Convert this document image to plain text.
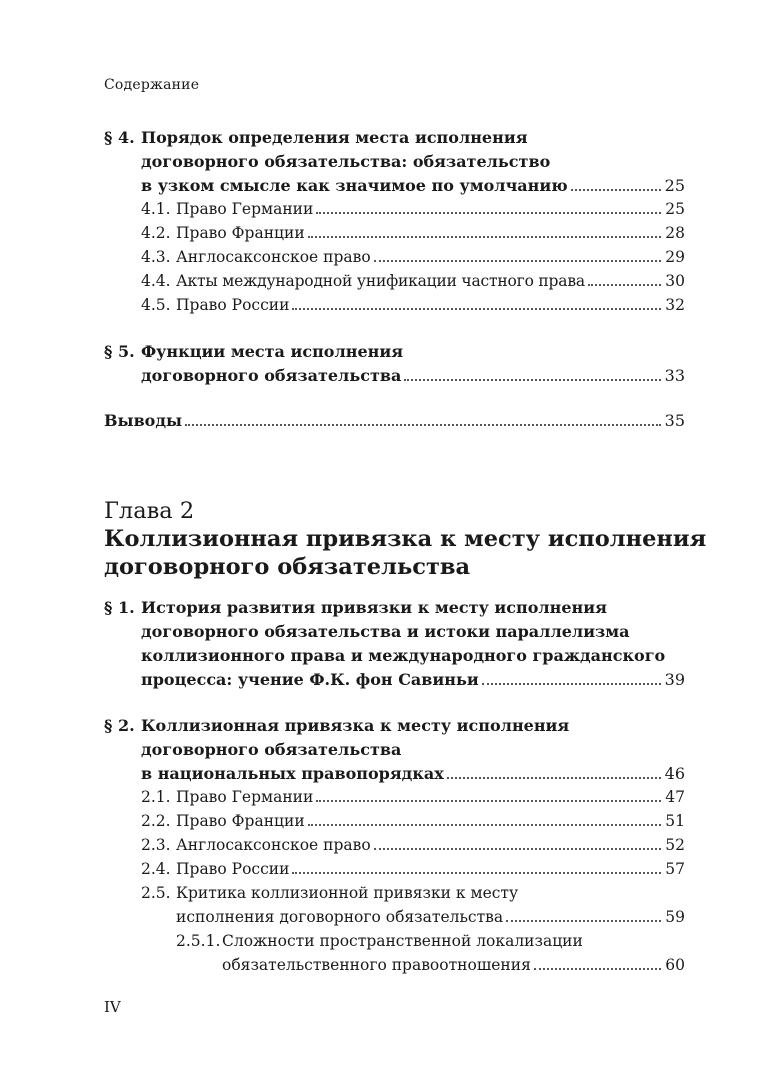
Содержание
§ 4. Порядок определения места исполнения
договорного обязательства: обязательство
в узком смысле как значимое по умолчанию	25
4.1. Право Германии	25
4.2. Право Франции	28
4.3. Англосаксонское право	29
4.4. Акты международной унификации частного права	30
4.5. Право России	32
§ 5. Функции места исполнения
договорного обязательства	33
Выводы	35
Глава 2
Коллизионная привязка к месту исполнения
договорного обязательства
§ 1. История развития привязки к месту исполнения
договорного обязательства и истоки параллелизма
коллизионного права и международного гражданского
процесса: учение Ф.К. фон Савиньи	39
§ 2. Коллизионная привязка к месту исполнения
договорного обязательства
в национальных правопорядках	46
2.1. Право Германии	47
2.2. Право Франции	51
2.3. Англосаксонское право	52
2.4. Право России	57
2.5. Критика коллизионной привязки к месту
исполнения договорного обязательства	59
2.5.1. Сложности пространственной локализации
обязательственного правоотношения	60
IV
